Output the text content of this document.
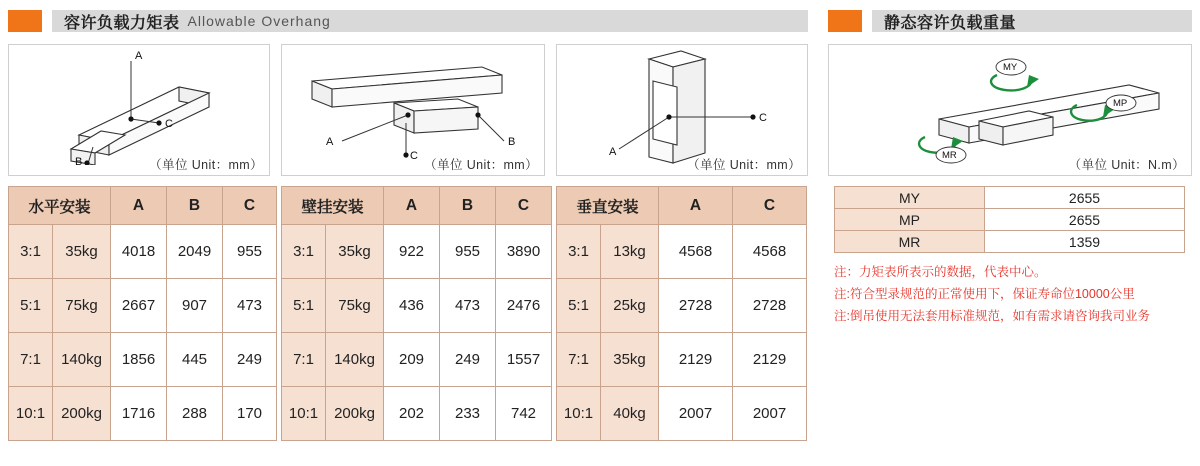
容许负载力矩表 Allowable Overhang	静态容许负载重量
A
C
B	（单位 Unit：mm）
A	B
C
（单位 Unit：mm）
A
C
（单位 Unit：mm）
MY
MP
MR
（单位 Unit：N.m）
水平安装		A	B	C
3:1	35kg	4018	2049	955
5:1	75kg	2667	907	473
7:1	140kg	1856	445	249
10:1	200kg	1716	288	170
壁挂安装		A	B	C
3:1	35kg	922	955	3890
5:1	75kg	436	473	2476
7:1	140kg	209	249	1557
10:1	200kg	202	233	742
垂直安装		A	C
3:1	13kg	4568	4568
5:1	25kg	2728	2728
7:1	35kg	2129	2129
10:1	40kg	2007	2007
MY	2655
MP	2655
MR	1359
注：力矩表所表示的数据，代表中心。
注:符合型录规范的正常使用下，保证寿命位10000公里
注:倒吊使用无法套用标准规范，如有需求请咨询我司业务
